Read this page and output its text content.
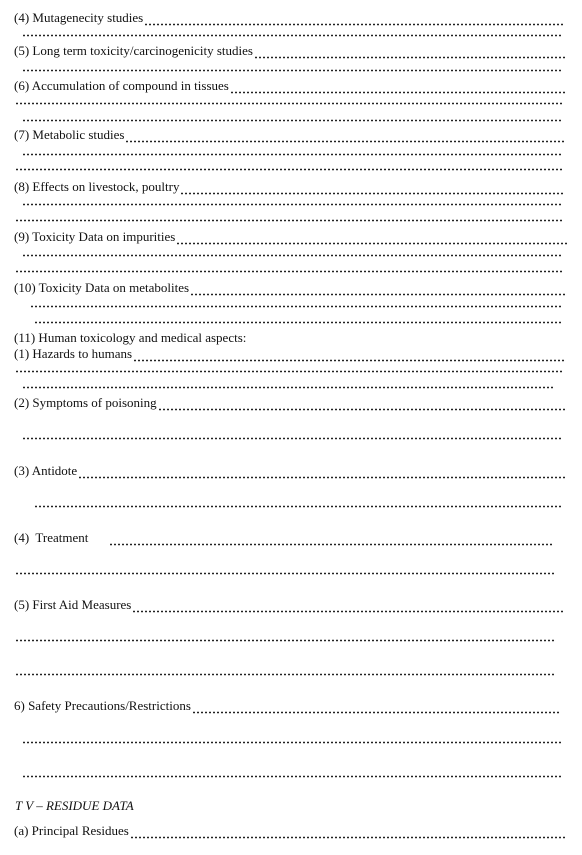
(4) Mutagenecity studies
(5) Long term toxicity/carcinogenicity studies
(6) Accumulation of compound in tissues
(7) Metabolic studies
(8) Effects on livestock, poultry
(9) Toxicity Data on impurities
(10) Toxicity Data on metabolites
(11) Human toxicology and medical aspects:
(1) Hazards to humans
(2) Symptoms of poisoning
(3) Antidote
(4)  Treatment
(5) First Aid Measures
6) Safety Precautions/Restrictions
T V – RESIDUE DATA
(a) Principal Residues
